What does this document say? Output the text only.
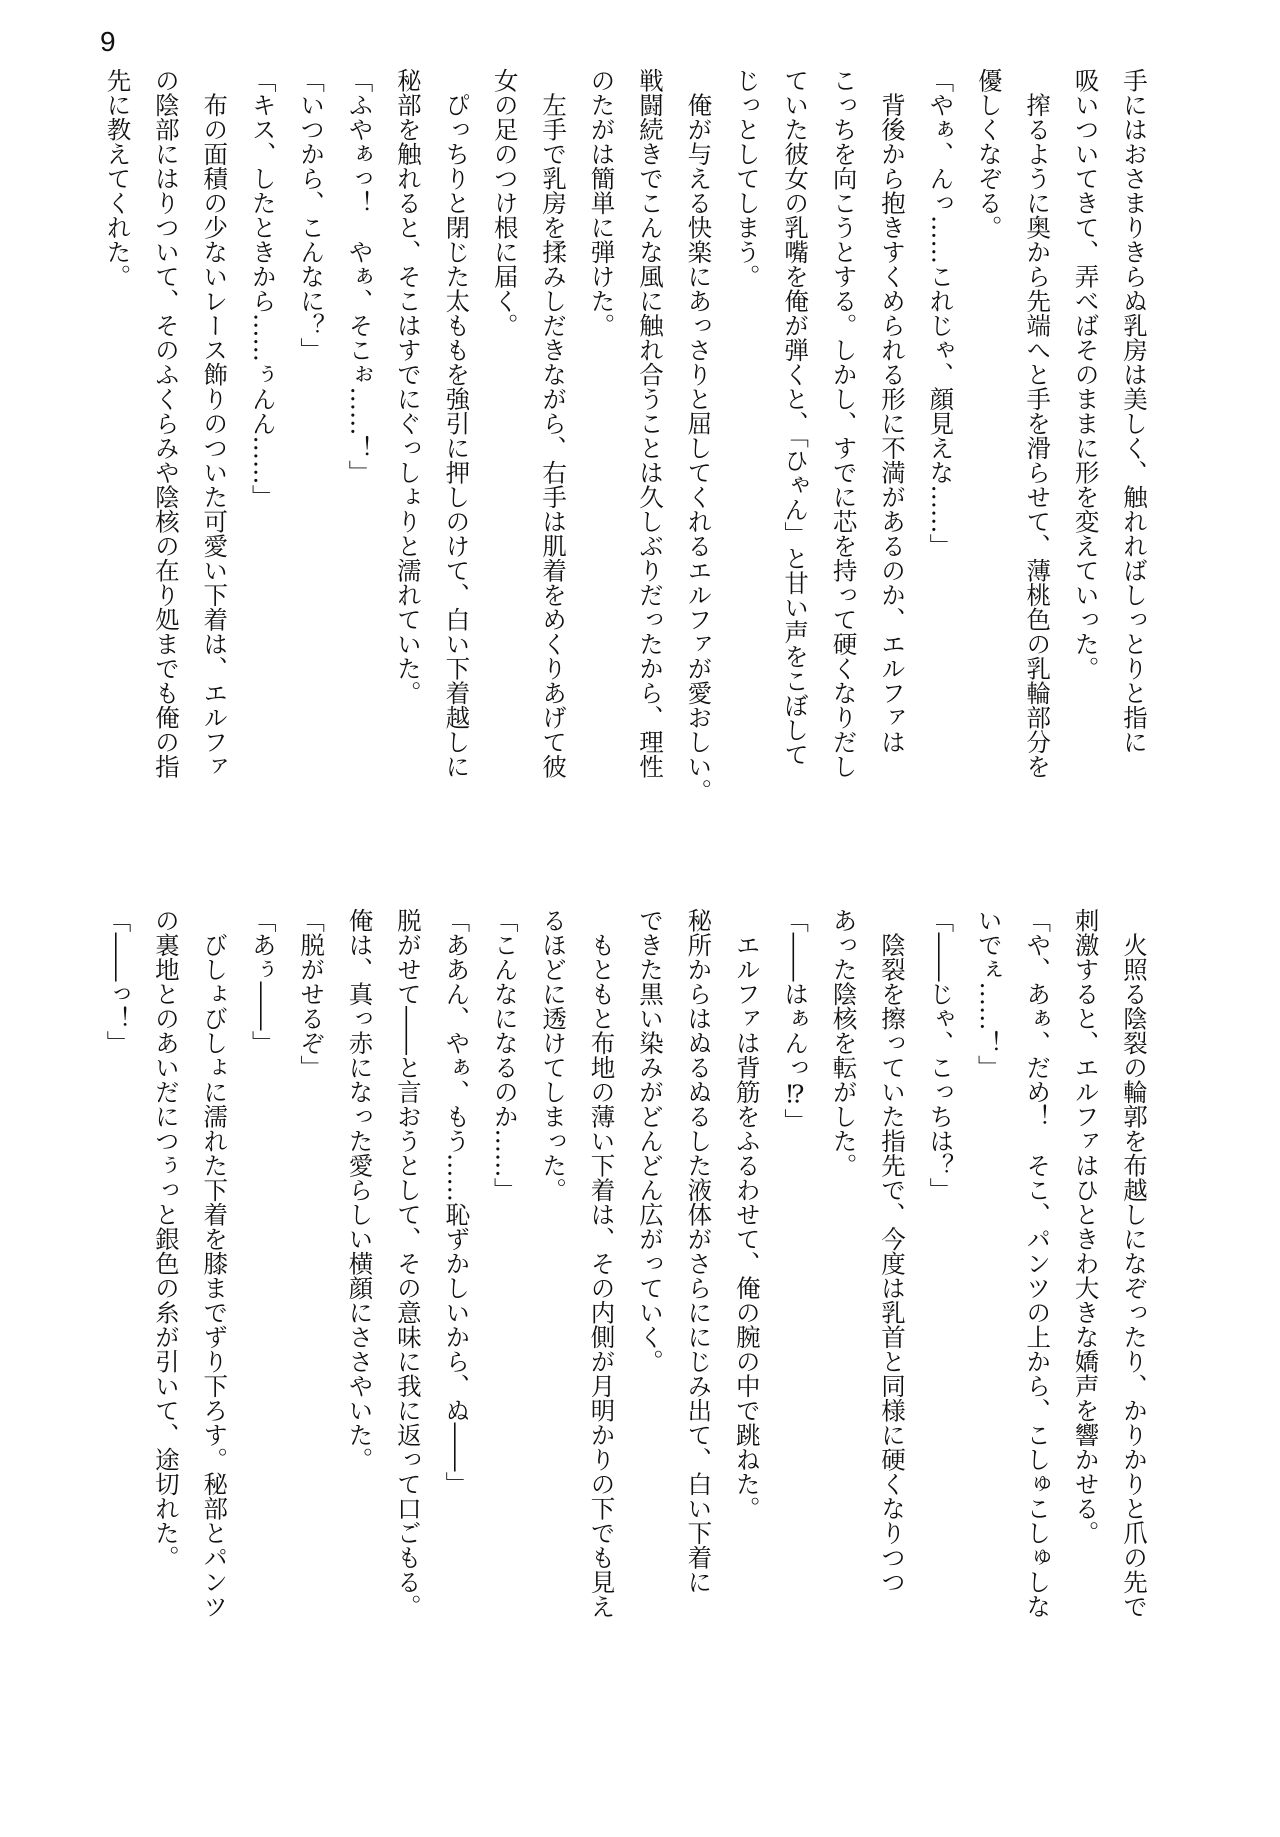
9
手にはおさまりきらぬ乳房は美しく、触れればしっとりと指に
吸いついてきて、弄べばそのままに形を変えていった。
　搾るように奥から先端へと手を滑らせて、薄桃色の乳輪部分を
優しくなぞる。
「やぁ、んっ……これじゃ、顔見えな……」
　背後から抱きすくめられる形に不満があるのか、エルファは
こっちを向こうとする。しかし、すでに芯を持って硬くなりだし
ていた彼女の乳嘴を俺が弾くと、「ひゃん」と甘い声をこぼして
じっとしてしまう。
　俺が与える快楽にあっさりと屈してくれるエルファが愛おしい。
戦闘続きでこんな風に触れ合うことは久しぶりだったから、理性
のたがは簡単に弾けた。
　左手で乳房を揉みしだきながら、右手は肌着をめくりあげて彼
女の足のつけ根に届く。
　ぴっちりと閉じた太ももを強引に押しのけて、白い下着越しに
秘部を触れると、そこはすでにぐっしょりと濡れていた。
「ふやぁっ！　やぁ、そこぉ……！」
「いつから、こんなに？」
「キス、したときから……ぅんん……」
　布の面積の少ないレース飾りのついた可愛い下着は、エルファ
の陰部にはりついて、そのふくらみや陰核の在り処までも俺の指
先に教えてくれた。
　火照る陰裂の輪郭を布越しになぞったり、かりかりと爪の先で
刺激すると、エルファはひときわ大きな嬌声を響かせる。
「や、あぁ、だめ！　そこ、パンツの上から、こしゅこしゅしな
いでぇ……！」
「――じゃ、こっちは？」
　陰裂を擦っていた指先で、今度は乳首と同様に硬くなりつつ
あった陰核を転がした。
「――はぁんっ⁉」
　エルファは背筋をふるわせて、俺の腕の中で跳ねた。
秘所からはぬるぬるした液体がさらににじみ出て、白い下着に
できた黒い染みがどんどん広がっていく。
　もともと布地の薄い下着は、その内側が月明かりの下でも見え
るほどに透けてしまった。
「こんなになるのか……」
「ああん、やぁ、もう……恥ずかしいから、ぬ――」
脱がせて――と言おうとして、その意味に我に返って口ごもる。
俺は、真っ赤になった愛らしい横顔にささやいた。
「脱がせるぞ」
「あぅ――」
　びしょびしょに濡れた下着を膝までずり下ろす。秘部とパンツ
の裏地とのあいだにつぅっと銀色の糸が引いて、途切れた。
「――っ！」
